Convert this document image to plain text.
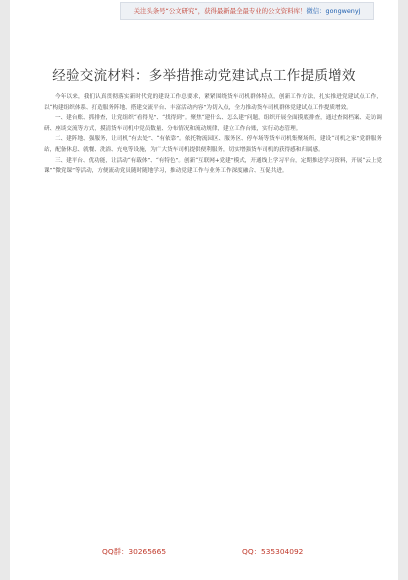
关注头条号“公文研究”，获得最新最全最专业的公文资料库！微信：gongwenyj
经验交流材料：多举措推动党建试点工作提质增效

今年以来，我们认真贯彻落实新时代党的建设工作总要求，紧紧围绕货车司机群体特点，创新工作方法，扎实推进党建试点工作，以“构建组织体系、打造服务阵地、搭建交流平台、丰富活动内容”为切入点，全力推动货车司机群体党建试点工作提质增效。

一、建台账、抓排查，让党组织“看得见”、“找得到”。聚焦“建什么、怎么建”问题，组织开展全面摸底排查，通过查阅档案、走访调研、座谈交流等方式，摸清货车司机中党员数量、分布情况和流动规律，建立工作台账，实行动态管理。

二、建阵地、强服务，让司机“有去处”、“有依靠”。依托物流园区、服务区、停车场等货车司机集聚场所，建设“司机之家”党群服务站，配备休息、就餐、洗浴、充电等设施，为广大货车司机提供便利服务，切实增强货车司机的获得感和归属感。

三、建平台、优功能，让活动“有载体”、“有特色”。创新“互联网+党建”模式，开通线上学习平台，定期推送学习资料，开展“云上党课”“微党课”等活动，方便流动党员随时随地学习，推动党建工作与业务工作深度融合、互促共进。

QQ群：30265665	QQ：535304092
